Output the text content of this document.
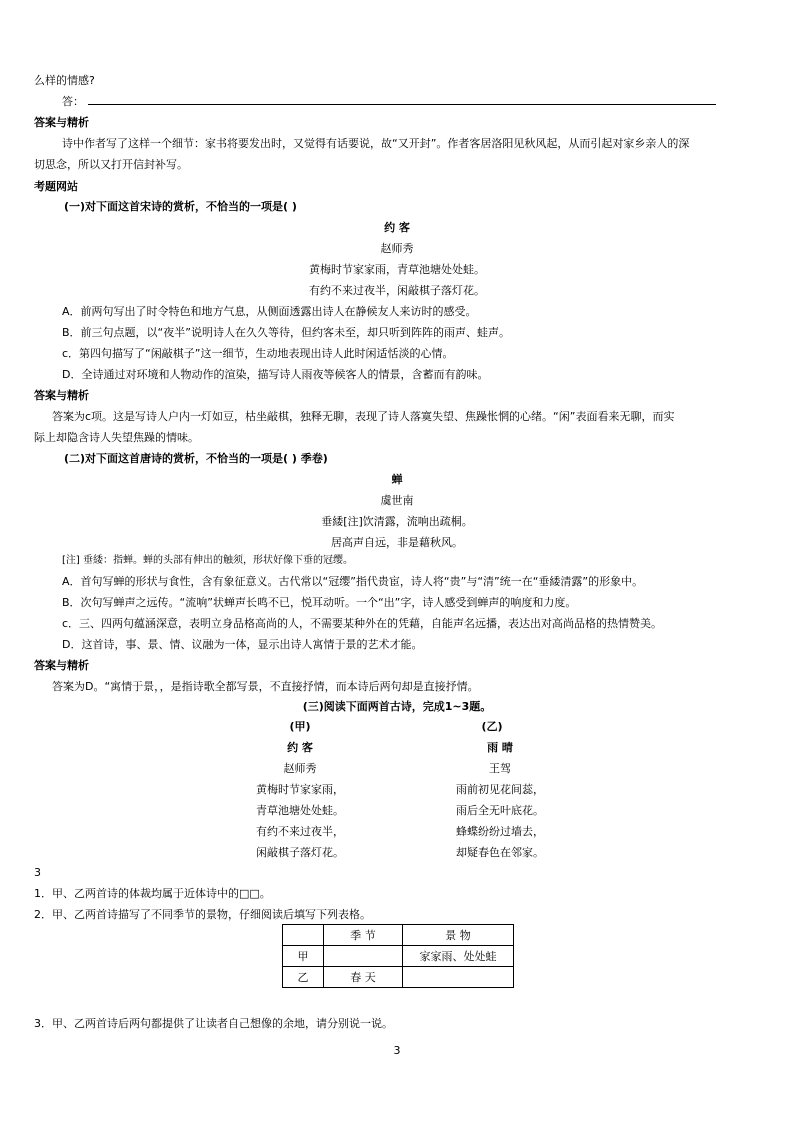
么样的情感?
答：
答案与精析
诗中作者写了这样一个细节：家书将要发出时，又觉得有话要说，故“又开封”。作者客居洛阳见秋风起，从而引起对家乡亲人的深
切思念，所以又打开信封补写。
考题网站
(一)对下面这首宋诗的赏析，不恰当的一项是( )
约 客
赵师秀
黄梅时节家家雨，青草池塘处处蛙。
有约不来过夜半，闲敲棋子落灯花。
A．前两句写出了时令特色和地方气息，从侧面透露出诗人在静候友人来访时的感受。
B．前三句点题，以“夜半”说明诗人在久久等待，但约客未至，却只听到阵阵的雨声、蛙声。
c．第四句描写了“闲敲棋子”这一细节，生动地表现出诗人此时闲适恬淡的心情。
D．全诗通过对环境和人物动作的渲染，描写诗人雨夜等候客人的情景，含蓄而有韵味。
答案与精析
答案为c项。这是写诗人户内一灯如豆，枯坐敲棋，独释无聊，表现了诗人落寞失望、焦躁怅惘的心绪。“闲”表面看来无聊，而实
际上却隐含诗人失望焦躁的情味。
(二)对下面这首唐诗的赏析，不恰当的一项是( ) 季卷)
蝉
虞世南
垂緌[注]饮清露，流响出疏桐。
居高声自远，非是藉秋风。
[注] 垂緌：指蝉。蝉的头部有伸出的触须，形状好像下垂的冠缨。
A．首句写蝉的形状与食性，含有象征意义。古代常以“冠缨”指代贵宦，诗人将“贵”与“清”统一在“垂緌清露”的形象中。
B．次句写蝉声之远传。“流响”状蝉声长鸣不已，悦耳动听。一个“出”字，诗人感受到蝉声的响度和力度。
c．三、四两句蕴涵深意，表明立身品格高尚的人，不需要某种外在的凭藉，自能声名远播，表达出对高尚品格的热情赞美。
D．这首诗，事、景、情、议融为一体，显示出诗人寓情于景的艺术才能。
答案与精析
答案为D。“寓情于景，，是指诗歌全都写景，不直接抒情，而本诗后两句却是直接抒情。
(三)阅读下面两首古诗，完成1~3题。
(甲)	(乙)
约 客
赵师秀
黄梅时节家家雨，
青草池塘处处蛙。
有约不来过夜半，
闲敲棋子落灯花。
雨 晴
王驾
雨前初见花间蕊，
雨后全无叶底花。
蜂蝶纷纷过墙去，
却疑春色在邻家。
3
1．甲、乙两首诗的体裁均属于近体诗中的□□。
2．甲、乙两首诗描写了不同季节的景物，仔细阅读后填写下列表格。
	季 节	景 物
甲		家家雨、处处蛙
乙	春 天	
3．甲、乙两首诗后两句都提供了让读者自己想像的余地，请分别说一说。
3
